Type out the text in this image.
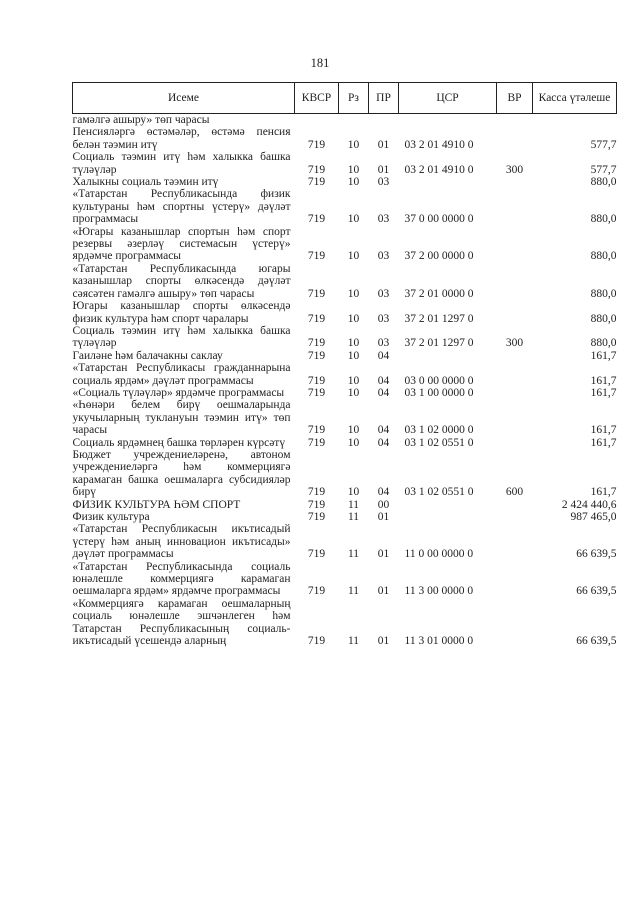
181
Исеме	КВСР	Рз	ПР	ЦСР	ВР	Касса үтәлеше
гамәлгә ашыру» төп чарасы						
Пенсияләргә өстәмәләр, өстәмә пенсия белән тәэмин итү	719	10	01	03 2 01 4910 0		577,7
Социаль тәэмин итү һәм халыкка башка түләүләр	719	10	01	03 2 01 4910 0	300	577,7
Халыкны социаль тәэмин итү	719	10	03			880,0
«Татарстан Республикасында физик культураны һәм спортны үстерү» дәүләт программасы	719	10	03	37 0 00 0000 0		880,0
«Югары казанышлар спортын һәм спорт резервы әзерләү системасын үстерү» ярдәмче программасы	719	10	03	37 2 00 0000 0		880,0
«Татарстан Республикасында югары казанышлар спорты өлкәсендә дәүләт сәясәтен гамәлгә ашыру» төп чарасы	719	10	03	37 2 01 0000 0		880,0
Югары казанышлар спорты өлкәсендә физик культура һәм спорт чаралары	719	10	03	37 2 01 1297 0		880,0
Социаль тәэмин итү һәм халыкка башка түләүләр	719	10	03	37 2 01 1297 0	300	880,0
Гаиләне һәм балачакны саклау	719	10	04			161,7
«Татарстан Республикасы гражданнарына социаль ярдәм» дәүләт программасы	719	10	04	03 0 00 0000 0		161,7
«Социаль түләүләр» ярдәмче программасы	719	10	04	03 1 00 0000 0		161,7
«Һөнәри белем бирү оешмаларында укучыларның туклануын тәэмин итү» төп чарасы	719	10	04	03 1 02 0000 0		161,7
Социаль ярдәмнең башка төрләрен күрсәтү	719	10	04	03 1 02 0551 0		161,7
Бюджет учреждениеләренә, автоном учреждениеләргә һәм коммерциягә карамаган башка оешмаларга субсидияләр бирү	719	10	04	03 1 02 0551 0	600	161,7
ФИЗИК КУЛЬТУРА ҺӘМ СПОРТ	719	11	00			2 424 440,6
Физик культура	719	11	01			987 465,0
«Татарстан Республикасын икътисадый үстерү һәм аның инновацион икътисады» дәүләт программасы	719	11	01	11 0 00 0000 0		66 639,5
«Татарстан Республикасында социаль юнәлешле коммерциягә карамаган оешмаларга ярдәм» ярдәмче программасы	719	11	01	11 3 00 0000 0		66 639,5
«Коммерциягә карамаган оешмаларның социаль юнәлешле эшчәнлеген һәм Татарстан Республикасының социаль-икътисадый үсешендә аларның	719	11	01	11 3 01 0000 0		66 639,5
